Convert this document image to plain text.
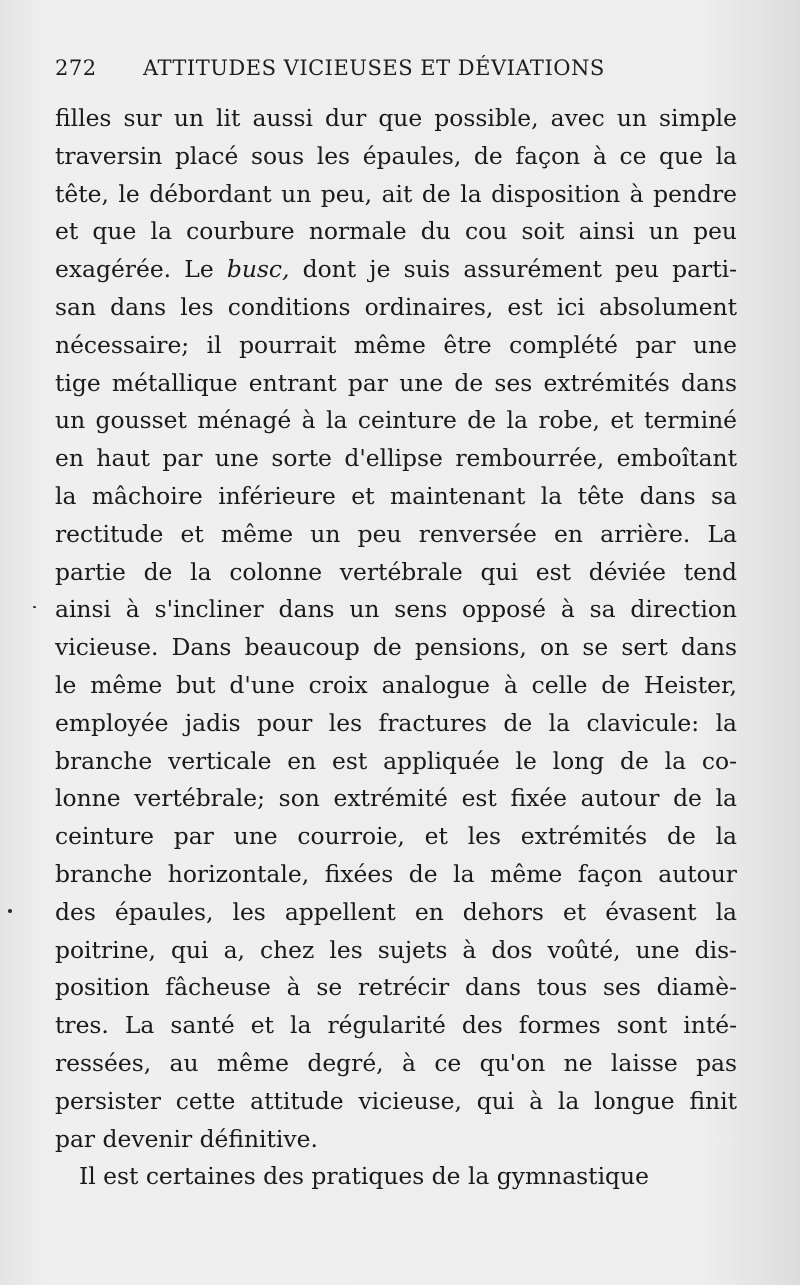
272 ATTITUDES VICIEUSES ET DÉVIATIONS
filles sur un lit aussi dur que possible, avec un simple
traversin placé sous les épaules, de façon à ce que la
tête, le débordant un peu, ait de la disposition à pendre
et que la courbure normale du cou soit ainsi un peu
exagérée. Le busc, dont je suis assurément peu parti-
san dans les conditions ordinaires, est ici absolument
nécessaire; il pourrait même être complété par une
tige métallique entrant par une de ses extrémités dans
un gousset ménagé à la ceinture de la robe, et terminé
en haut par une sorte d'ellipse rembourrée, emboîtant
la mâchoire inférieure et maintenant la tête dans sa
rectitude et même un peu renversée en arrière. La
partie de la colonne vertébrale qui est déviée tend
ainsi à s'incliner dans un sens opposé à sa direction
vicieuse. Dans beaucoup de pensions, on se sert dans
le même but d'une croix analogue à celle de Heister,
employée jadis pour les fractures de la clavicule: la
branche verticale en est appliquée le long de la co-
lonne vertébrale; son extrémité est fixée autour de la
ceinture par une courroie, et les extrémités de la
branche horizontale, fixées de la même façon autour
des épaules, les appellent en dehors et évasent la
poitrine, qui a, chez les sujets à dos voûté, une dis-
position fâcheuse à se retrécir dans tous ses diamè-
tres. La santé et la régularité des formes sont inté-
ressées, au même degré, à ce qu'on ne laisse pas
persister cette attitude vicieuse, qui à la longue finit
par devenir définitive.
Il est certaines des pratiques de la gymnastique
